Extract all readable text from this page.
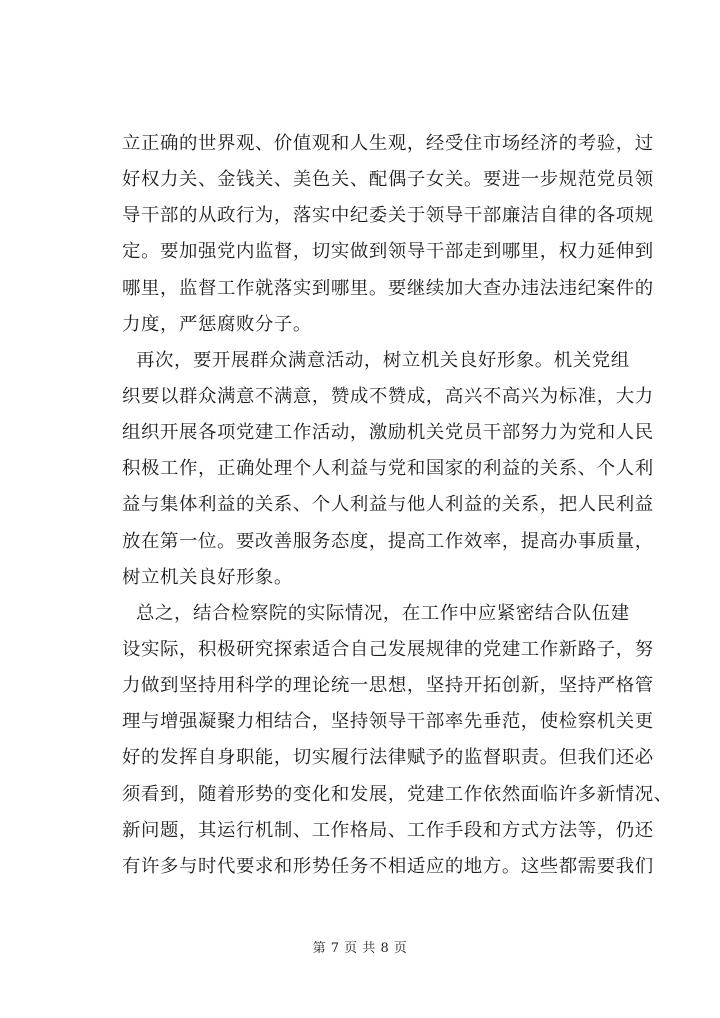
立正确的世界观、价值观和人生观，经受住市场经济的考验，过
好权力关、金钱关、美色关、配偶子女关。要进一步规范党员领
导干部的从政行为，落实中纪委关于领导干部廉洁自律的各项规
定。要加强党内监督，切实做到领导干部走到哪里，权力延伸到
哪里，监督工作就落实到哪里。要继续加大查办违法违纪案件的
力度，严惩腐败分子。
再次，要开展群众满意活动，树立机关良好形象。机关党组
织要以群众满意不满意，赞成不赞成，高兴不高兴为标准，大力
组织开展各项党建工作活动，激励机关党员干部努力为党和人民
积极工作，正确处理个人利益与党和国家的利益的关系、个人利
益与集体利益的关系、个人利益与他人利益的关系，把人民利益
放在第一位。要改善服务态度，提高工作效率，提高办事质量，
树立机关良好形象。
总之，结合检察院的实际情况，在工作中应紧密结合队伍建
设实际，积极研究探索适合自己发展规律的党建工作新路子，努
力做到坚持用科学的理论统一思想，坚持开拓创新，坚持严格管
理与增强凝聚力相结合，坚持领导干部率先垂范，使检察机关更
好的发挥自身职能，切实履行法律赋予的监督职责。但我们还必
须看到，随着形势的变化和发展，党建工作依然面临许多新情况、
新问题，其运行机制、工作格局、工作手段和方式方法等，仍还
有许多与时代要求和形势任务不相适应的地方。这些都需要我们
第 7 页 共 8 页
